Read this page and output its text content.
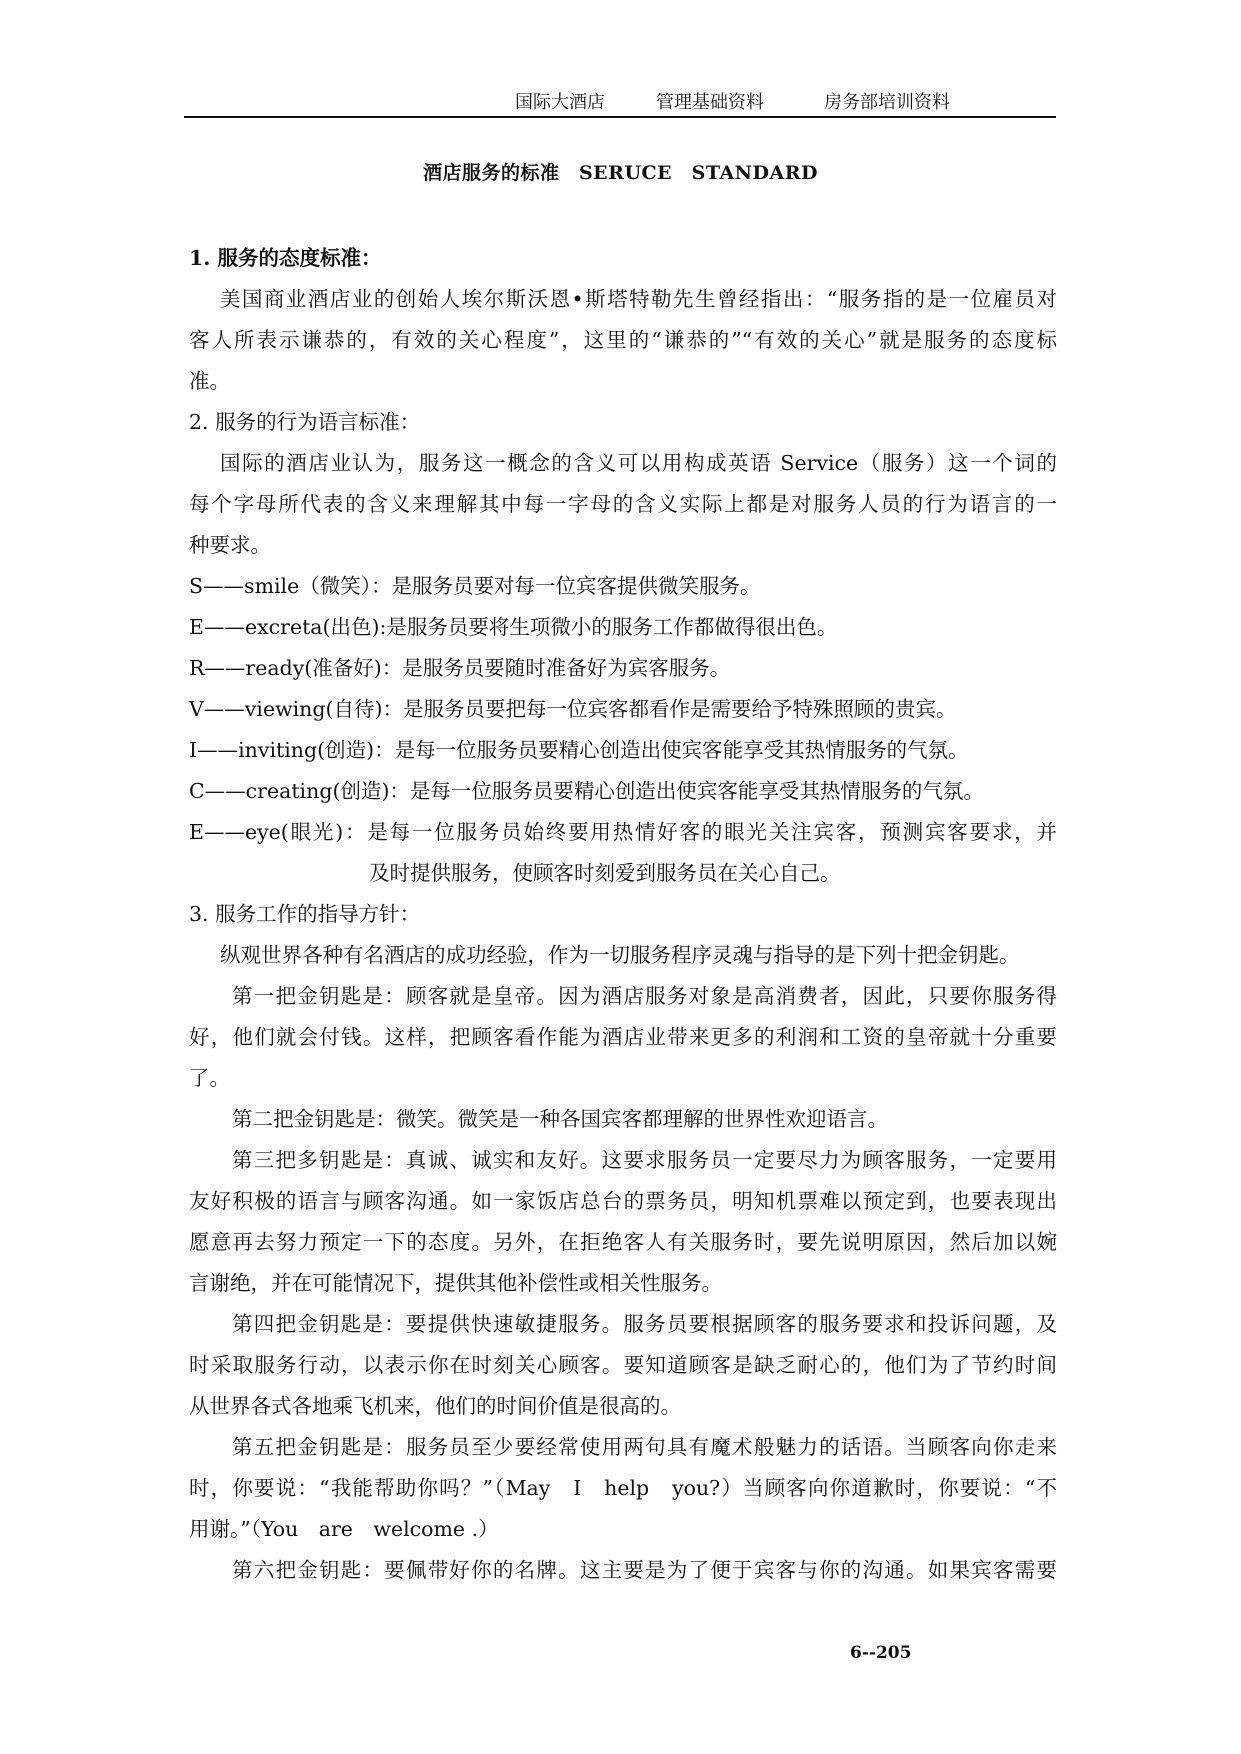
国际大酒店	管理基础资料	房务部培训资料
酒店服务的标准　SERUCE　STANDARD
1. 服务的态度标准：
美国商业酒店业的创始人埃尔斯沃恩•斯塔特勒先生曾经指出：“服务指的是一位雇员对
客人所表示谦恭的，有效的关心程度”，这里的“谦恭的”“有效的关心”就是服务的态度标
准。
2. 服务的行为语言标准：
国际的酒店业认为，服务这一概念的含义可以用构成英语 Service（服务）这一个词的
每个字母所代表的含义来理解其中每一字母的含义实际上都是对服务人员的行为语言的一
种要求。
S——smile（微笑）：是服务员要对每一位宾客提供微笑服务。
E——excreta(出色):是服务员要将生项微小的服务工作都做得很出色。
R——ready(准备好)：是服务员要随时准备好为宾客服务。
V——viewing(自待)：是服务员要把每一位宾客都看作是需要给予特殊照顾的贵宾。
I——inviting(创造)：是每一位服务员要精心创造出使宾客能享受其热情服务的气氛。
C——creating(创造)：是每一位服务员要精心创造出使宾客能享受其热情服务的气氛。
E——eye(眼光)：是每一位服务员始终要用热情好客的眼光关注宾客，预测宾客要求，并
及时提供服务，使顾客时刻爱到服务员在关心自己。
3. 服务工作的指导方针：
纵观世界各种有名酒店的成功经验，作为一切服务程序灵魂与指导的是下列十把金钥匙。
第一把金钥匙是：顾客就是皇帝。因为酒店服务对象是高消费者，因此，只要你服务得
好，他们就会付钱。这样，把顾客看作能为酒店业带来更多的利润和工资的皇帝就十分重要
了。
第二把金钥匙是：微笑。微笑是一种各国宾客都理解的世界性欢迎语言。
第三把多钥匙是：真诚、诚实和友好。这要求服务员一定要尽力为顾客服务，一定要用
友好积极的语言与顾客沟通。如一家饭店总台的票务员，明知机票难以预定到，也要表现出
愿意再去努力预定一下的态度。另外，在拒绝客人有关服务时，要先说明原因，然后加以婉
言谢绝，并在可能情况下，提供其他补偿性或相关性服务。
第四把金钥匙是：要提供快速敏捷服务。服务员要根据顾客的服务要求和投诉问题，及
时采取服务行动，以表示你在时刻关心顾客。要知道顾客是缺乏耐心的，他们为了节约时间
从世界各式各地乘飞机来，他们的时间价值是很高的。
第五把金钥匙是：服务员至少要经常使用两句具有魔术般魅力的话语。当顾客向你走来
时，你要说：“我能帮助你吗？”（May　I　help　you?）当顾客向你道歉时，你要说：“不
用谢。”（You　are　welcome .）
第六把金钥匙：要佩带好你的名牌。这主要是为了便于宾客与你的沟通。如果宾客需要
6--205
